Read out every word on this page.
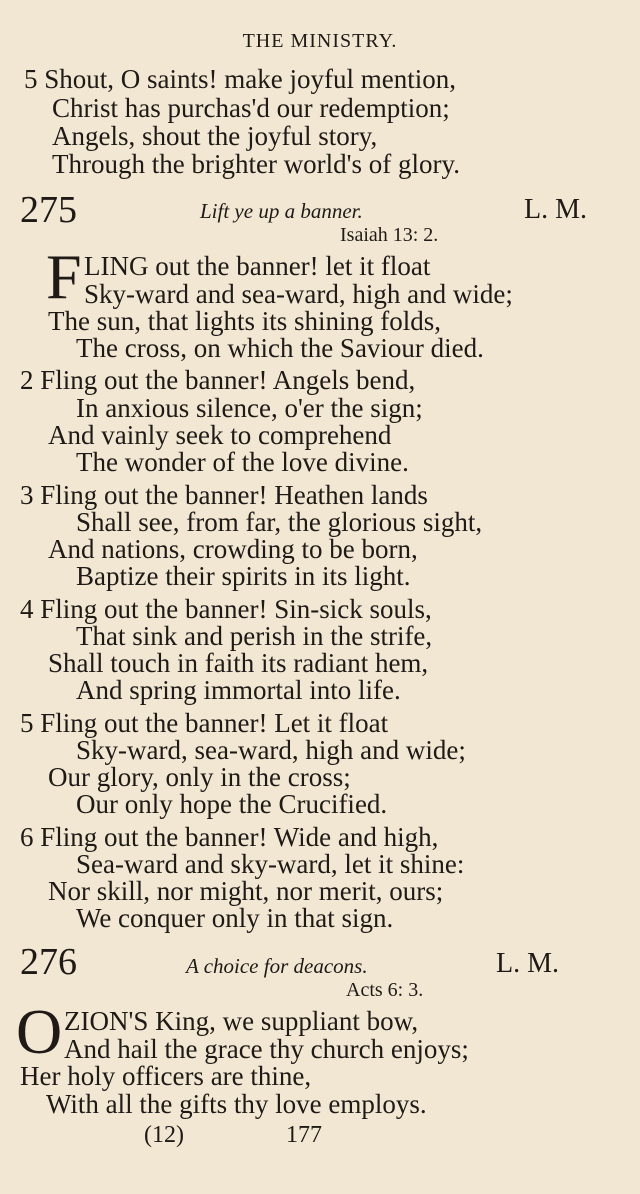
THE MINISTRY.
5 Shout, O saints! make joyful mention,
Christ has purchas'd our redemption;
Angels, shout the joyful story,
Through the brighter world's of glory.
275	Lift ye up a banner.	L. M.
Isaiah 13: 2.
F LING out the banner! let it float
Sky-ward and sea-ward, high and wide;
The sun, that lights its shining folds,
The cross, on which the Saviour died.
2 Fling out the banner! Angels bend,
In anxious silence, o'er the sign;
And vainly seek to comprehend
The wonder of the love divine.
3 Fling out the banner! Heathen lands
Shall see, from far, the glorious sight,
And nations, crowding to be born,
Baptize their spirits in its light.
4 Fling out the banner! Sin-sick souls,
That sink and perish in the strife,
Shall touch in faith its radiant hem,
And spring immortal into life.
5 Fling out the banner! Let it float
Sky-ward, sea-ward, high and wide;
Our glory, only in the cross;
Our only hope the Crucified.
6 Fling out the banner! Wide and high,
Sea-ward and sky-ward, let it shine:
Nor skill, nor might, nor merit, ours;
We conquer only in that sign.
276	A choice for deacons.	L. M.
Acts 6: 3.
O ZION'S King, we suppliant bow,
And hail the grace thy church enjoys;
Her holy officers are thine,
With all the gifts thy love employs.
(12)	177
